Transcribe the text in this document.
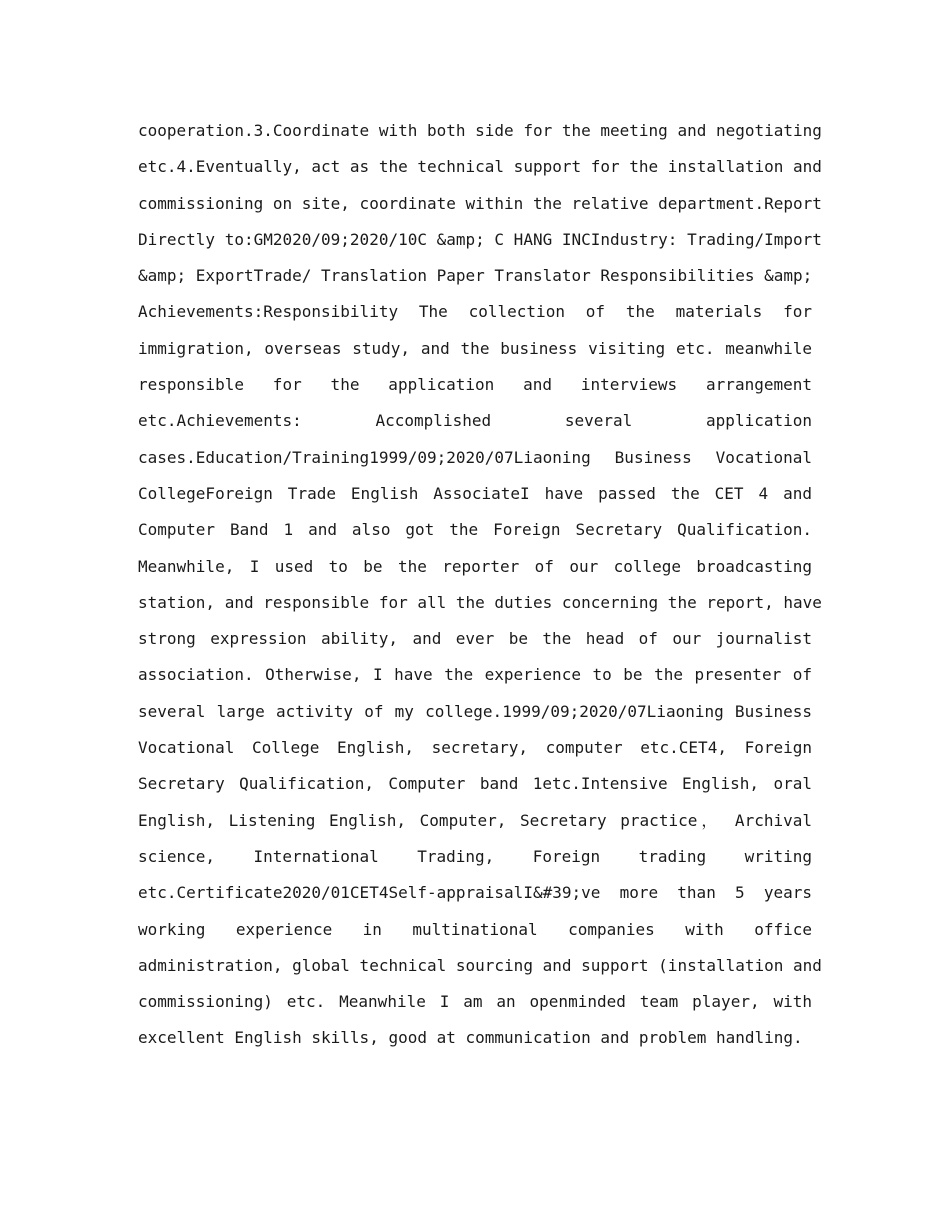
cooperation.3.Coordinate with both side for the meeting and negotiating
etc.4.Eventually, act as the technical support for the installation and
commissioning on site, coordinate within the relative department.Report
Directly to:GM2020/09;2020/10C &amp; C HANG INCIndustry: Trading/Import
&amp; ExportTrade/ Translation Paper Translator Responsibilities &amp;
Achievements:Responsibility The collection of the materials for
immigration, overseas study, and the business visiting etc. meanwhile
responsible for the application and interviews arrangement
etc.Achievements: Accomplished several application
cases.Education/Training1999/09;2020/07Liaoning Business Vocational
CollegeForeign Trade English AssociateI have passed the CET 4 and
Computer Band 1 and also got the Foreign Secretary Qualification.
Meanwhile, I used to be the reporter of our college broadcasting
station, and responsible for all the duties concerning the report, have
strong expression ability, and ever be the head of our journalist
association. Otherwise, I have the experience to be the presenter of
several large activity of my college.1999/09;2020/07Liaoning Business
Vocational College English, secretary, computer etc.CET4, Foreign
Secretary Qualification, Computer band 1etc.Intensive English, oral
English, Listening English, Computer, Secretary practice， Archival
science, International Trading, Foreign trading writing
etc.Certificate2020/01CET4Self-appraisalI&#39;ve more than 5 years
working experience in multinational companies with office
administration, global technical sourcing and support (installation and
commissioning) etc. Meanwhile I am an openminded team player, with
excellent English skills, good at communication and problem handling.
